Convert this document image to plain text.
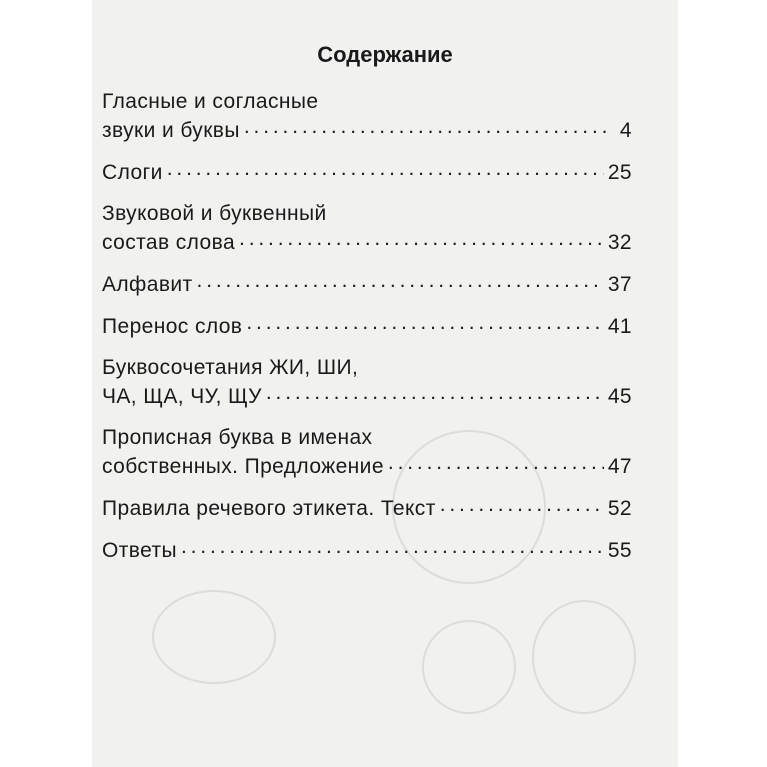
Содержание
Гласные и согласные
звуки и буквы . . .	4
Слоги . . .	25
Звуковой и буквенный
состав слова . . .	32
Алфавит . . .	37
Перенос слов . . .	41
Буквосочетания ЖИ, ШИ,
ЧА, ЩА, ЧУ, ЩУ . . .	45
Прописная буква в именах
собственных. Предложение . . .	47
Правила речевого этикета. Текст . . .	52
Ответы . . .	55
